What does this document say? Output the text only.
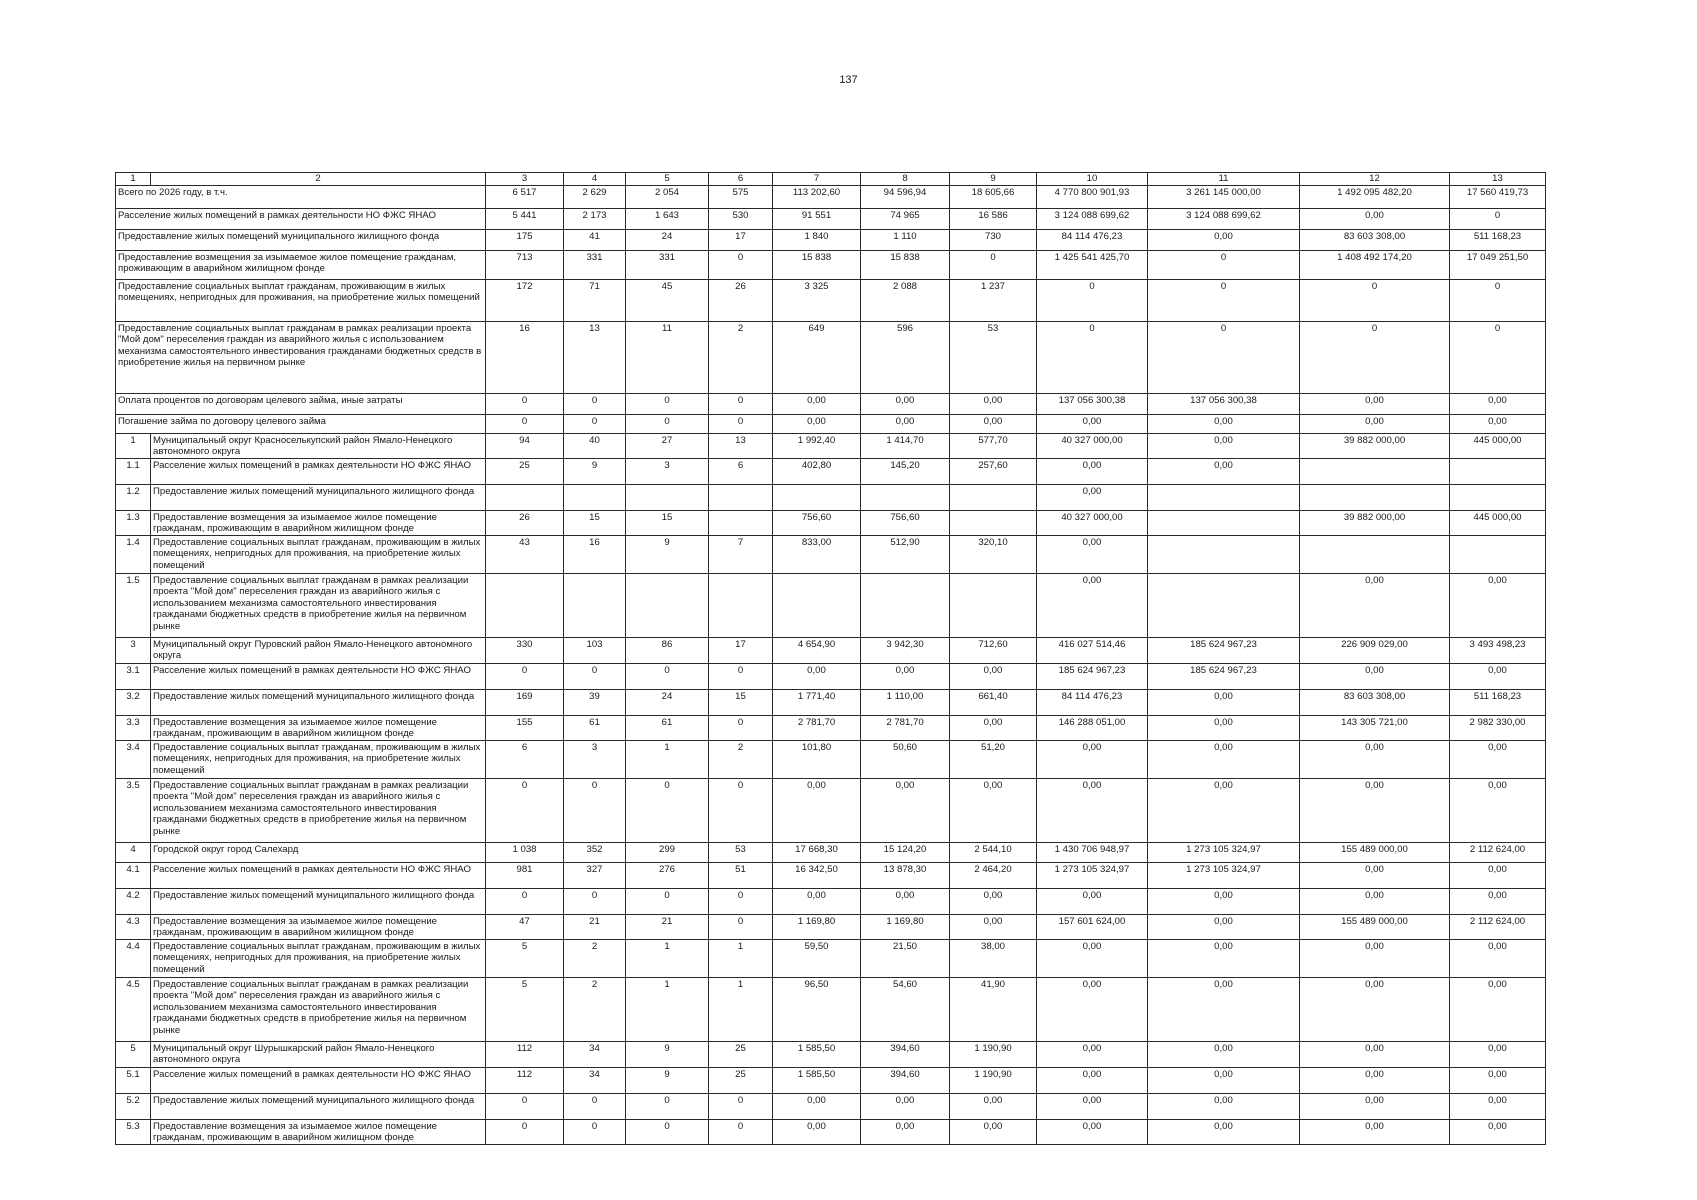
137
1	2	3	4	5	6	7	8	9	10	11	12	13
Всего по 2026 году, в т.ч.		6 517	2 629	2 054	575	113 202,60	94 596,94	18 605,66	4 770 800 901,93	3 261 145 000,00	1 492 095 482,20	17 560 419,73
Расселение жилых помещений в рамках деятельности НО ФЖС ЯНАО		5 441	2 173	1 643	530	91 551	74 965	16 586	3 124 088 699,62	3 124 088 699,62	0,00	0
Предоставление жилых помещений муниципального жилищного фонда		175	41	24	17	1 840	1 110	730	84 114 476,23	0,00	83 603 308,00	511 168,23
Предоставление возмещения за изымаемое жилое помещение гражданам, проживающим в аварийном жилищном фонде		713	331	331	0	15 838	15 838	0	1 425 541 425,70	0	1 408 492 174,20	17 049 251,50
Предоставление социальных выплат гражданам, проживающим в жилых помещениях, непригодных для проживания, на приобретение жилых помещений		172	71	45	26	3 325	2 088	1 237	0	0	0	0
Предоставление социальных выплат гражданам в рамках реализации проекта "Мой дом" переселения граждан из аварийного жилья с использованием механизма самостоятельного инвестирования гражданами бюджетных средств в приобретение жилья на первичном рынке		16	13	11	2	649	596	53	0	0	0	0
Оплата процентов по договорам целевого займа, иные затраты		0	0	0	0	0,00	0,00	0,00	137 056 300,38	137 056 300,38	0,00	0,00
Погашение займа по договору целевого займа		0	0	0	0	0,00	0,00	0,00	0,00	0,00	0,00	0,00
1	Муниципальный округ Красноселькупский район Ямало-Ненецкого автономного округа	94	40	27	13	1 992,40	1 414,70	577,70	40 327 000,00	0,00	39 882 000,00	445 000,00
1.1	Расселение жилых помещений в рамках деятельности НО ФЖС ЯНАО	25	9	3	6	402,80	145,20	257,60	0,00	0,00		
1.2	Предоставление жилых помещений муниципального жилищного фонда								0,00			
1.3	Предоставление возмещения за изымаемое жилое помещение гражданам, проживающим в аварийном жилищном фонде	26	15	15		756,60	756,60		40 327 000,00		39 882 000,00	445 000,00
1.4	Предоставление социальных выплат гражданам, проживающим в жилых помещениях, непригодных для проживания, на приобретение жилых помещений	43	16	9	7	833,00	512,90	320,10	0,00			
1.5	Предоставление социальных выплат гражданам в рамках реализации проекта "Мой дом" переселения граждан из аварийного жилья с использованием механизма самостоятельного инвестирования гражданами бюджетных средств в приобретение жилья на первичном рынке								0,00		0,00	0,00
3	Муниципальный округ Пуровский район Ямало-Ненецкого автономного округа	330	103	86	17	4 654,90	3 942,30	712,60	416 027 514,46	185 624 967,23	226 909 029,00	3 493 498,23
3.1	Расселение жилых помещений в рамках деятельности НО ФЖС ЯНАО	0	0	0	0	0,00	0,00	0,00	185 624 967,23	185 624 967,23	0,00	0,00
3.2	Предоставление жилых помещений муниципального жилищного фонда	169	39	24	15	1 771,40	1 110,00	661,40	84 114 476,23	0,00	83 603 308,00	511 168,23
3.3	Предоставление возмещения за изымаемое жилое помещение гражданам, проживающим в аварийном жилищном фонде	155	61	61	0	2 781,70	2 781,70	0,00	146 288 051,00	0,00	143 305 721,00	2 982 330,00
3.4	Предоставление социальных выплат гражданам, проживающим в жилых помещениях, непригодных для проживания, на приобретение жилых помещений	6	3	1	2	101,80	50,60	51,20	0,00	0,00	0,00	0,00
3.5	Предоставление социальных выплат гражданам в рамках реализации проекта "Мой дом" переселения граждан из аварийного жилья с использованием механизма самостоятельного инвестирования гражданами бюджетных средств в приобретение жилья на первичном рынке	0	0	0	0	0,00	0,00	0,00	0,00	0,00	0,00	0,00
4	Городской округ город Салехард	1 038	352	299	53	17 668,30	15 124,20	2 544,10	1 430 706 948,97	1 273 105 324,97	155 489 000,00	2 112 624,00
4.1	Расселение жилых помещений в рамках деятельности НО ФЖС ЯНАО	981	327	276	51	16 342,50	13 878,30	2 464,20	1 273 105 324,97	1 273 105 324,97	0,00	0,00
4.2	Предоставление жилых помещений муниципального жилищного фонда	0	0	0	0	0,00	0,00	0,00	0,00	0,00	0,00	0,00
4.3	Предоставление возмещения за изымаемое жилое помещение гражданам, проживающим в аварийном жилищном фонде	47	21	21	0	1 169,80	1 169,80	0,00	157 601 624,00	0,00	155 489 000,00	2 112 624,00
4.4	Предоставление социальных выплат гражданам, проживающим в жилых помещениях, непригодных для проживания, на приобретение жилых помещений	5	2	1	1	59,50	21,50	38,00	0,00	0,00	0,00	0,00
4.5	Предоставление социальных выплат гражданам в рамках реализации проекта "Мой дом" переселения граждан из аварийного жилья с использованием механизма самостоятельного инвестирования гражданами бюджетных средств в приобретение жилья на первичном рынке	5	2	1	1	96,50	54,60	41,90	0,00	0,00	0,00	0,00
5	Муниципальный округ Шурышкарский район Ямало-Ненецкого автономного округа	112	34	9	25	1 585,50	394,60	1 190,90	0,00	0,00	0,00	0,00
5.1	Расселение жилых помещений в рамках деятельности НО ФЖС ЯНАО	112	34	9	25	1 585,50	394,60	1 190,90	0,00	0,00	0,00	0,00
5.2	Предоставление жилых помещений муниципального жилищного фонда	0	0	0	0	0,00	0,00	0,00	0,00	0,00	0,00	0,00
5.3	Предоставление возмещения за изымаемое жилое помещение гражданам, проживающим в аварийном жилищном фонде	0	0	0	0	0,00	0,00	0,00	0,00	0,00	0,00	0,00
